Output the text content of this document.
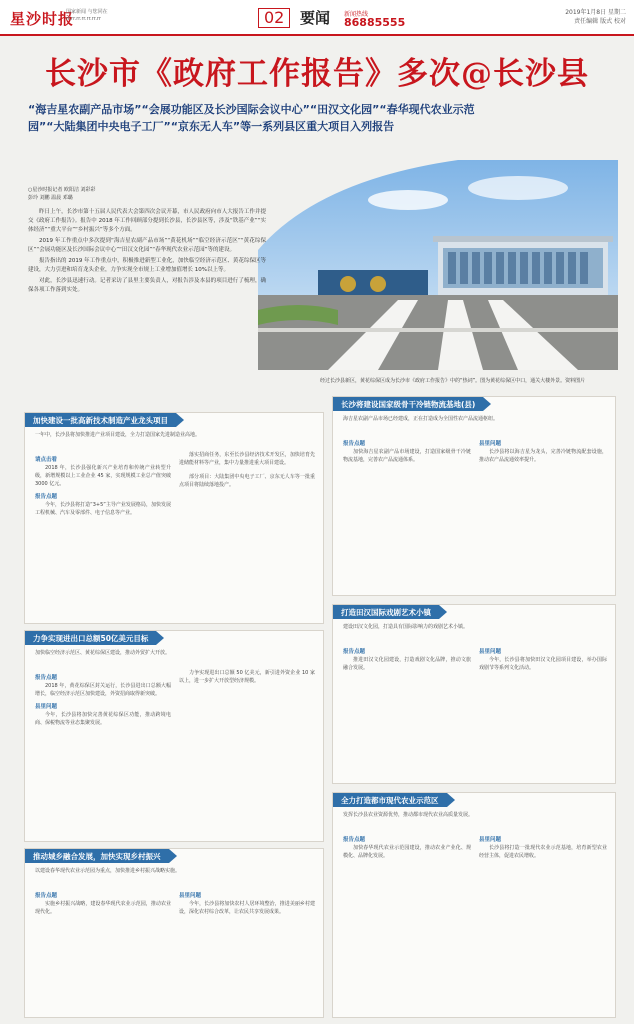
星沙时报
国家新闻 与您同在 rr.rr.rr.rr.rr.rr.rr	02	要闻 新闻热线
86885555
2019年1月8日 星期二
责任编辑 版式 校对
长沙市《政府工作报告》多次@长沙县
“海吉星农副产品市场”“会展功能区及长沙国际会议中心”“田汉文化园”“春华现代农业示范园”“大陆集团中央电子工厂”“京东无人车”等一系列县区重大项目入列报告
经过长沙县新区，黄花综保区成为长沙市《政府工作报告》中的“热词”。图为黄花综保区中口，通关大楼外景。资料图片
○星沙时报记者 欧阳洁 刘彩彩
彭玲 刘鹏 温晨 邓璐

昨日上午，长沙市第十五届人民代表大会第四次会议开幕，市人民政府向市人大报告工作并提交《政府工作报告》。报告中 2018 年工作回顾部分提到长沙县，长沙县区等，涉及“铁基产业”“实体经济”“重大平台”“乡村振兴”等多个方面。

2019 年工作重点中多次提到“海吉星农副产品市场”“黄花机场”“临空经济示范区”“黄花综保区”“会展功能区及长沙国际会议中心”“田汉文化园”“春华现代农业示范园”等的建设。

报告指出的 2019 年工作重点中，积极推进新型工业化，加快临空经济示范区、黄花综保区等建设，大力引进和培育龙头企业，力争实现全市规上工业增加值增长 10%以上等。

对此，长沙县迅速行动。记者采访了县里主要负责人，对报告涉及本县的项目进行了梳理，确保各项工作落到实处。

加快建设一批高新技术制造产业龙头项目
一年中，长沙县将加快推进产业项目建设，全力打造国家先进制造业高地。
请点击看

2018 年，长沙县强化新兴产业培育和传统产业转型升级，新增规模以上工业企业 45 家，实现规模工业总产值突破 3000 亿元。

报告点题

今年，长沙县将打造“3+5”主导产业发展格局，加快发展工程机械、汽车及零部件、电子信息等产业。

落实招商任务，东至长沙县经济技术开发区，加快培育先进储能材料等产业，集中力量推进重大项目建设。

部分项目：大陆集团中央电子工厂、京东无人车等一批重点项目将陆续落地投产。

力争实现进出口总额50亿美元目标
加快临空经济示范区、黄花综保区建设，推动外贸扩大开放。
报告点题

2018 年，黄花综保区封关运行，长沙县进出口总额大幅增长，临空经济示范区加快建设，外资招商取得新突破。

县里问题

今年，长沙县将加快完善黄花综保区功能，推动跨境电商、保税物流等业态集聚发展。

力争实现进出口总额 50 亿美元，新引进外资企业 10 家以上，进一步扩大开放型经济规模。

推动城乡融合发展，加快实现乡村振兴
以建设春华现代农业示范园为重点，加快推进乡村振兴战略实施。
报告点题

实施乡村振兴战略，建设春华现代农业示范园，推动农业现代化。

县里问题

今年，长沙县将加快农村人居环境整治，推进美丽乡村建设，深化农村综合改革，让农民共享发展成果。

长沙将建设国家级骨干冷链物流基地(县)
海吉星农副产品市场已经建成，正在打造成为全国性农产品流通枢纽。
报告点题

加快海吉星农副产品市场建设，打造国家级骨干冷链物流基地，完善农产品流通体系。

县里问题

长沙县将以海吉星为龙头，完善冷链物流配套设施，推动农产品流通效率提升。

打造田汉国际戏剧艺术小镇
建设田汉文化园，打造具有国际影响力的戏剧艺术小镇。
报告点题

推进田汉文化园建设，打造戏剧文化品牌，推动文旅融合发展。

县里问题

今年，长沙县将加快田汉文化园项目建设，举办国际戏剧节等系列文化活动。

全力打造都市现代农业示范区
发挥长沙县农业资源优势，推动都市现代农业高质量发展。
报告点题

加快春华现代农业示范园建设，推动农业产业化、规模化、品牌化发展。

县里问题

长沙县将打造一批现代农业示范基地，培育新型农业经营主体，促进农民增收。
